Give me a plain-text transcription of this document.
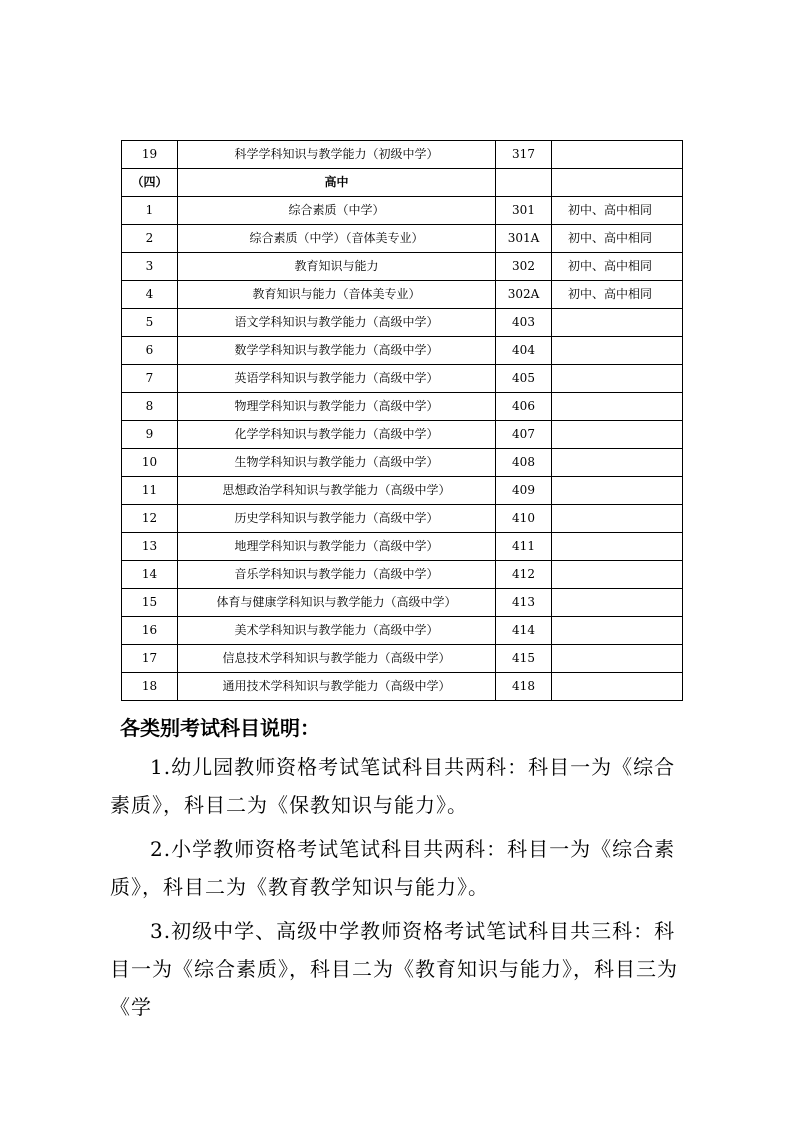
19	科学学科知识与教学能力（初级中学）	317	
（四）	高中		
1	综合素质（中学）	301	初中、高中相同
2	综合素质（中学）（音体美专业）	301A	初中、高中相同
3	教育知识与能力	302	初中、高中相同
4	教育知识与能力（音体美专业）	302A	初中、高中相同
5	语文学科知识与教学能力（高级中学）	403	
6	数学学科知识与教学能力（高级中学）	404	
7	英语学科知识与教学能力（高级中学）	405	
8	物理学科知识与教学能力（高级中学）	406	
9	化学学科知识与教学能力（高级中学）	407	
10	生物学科知识与教学能力（高级中学）	408	
11	思想政治学科知识与教学能力（高级中学）	409	
12	历史学科知识与教学能力（高级中学）	410	
13	地理学科知识与教学能力（高级中学）	411	
14	音乐学科知识与教学能力（高级中学）	412	
15	体育与健康学科知识与教学能力（高级中学）	413	
16	美术学科知识与教学能力（高级中学）	414	
17	信息技术学科知识与教学能力（高级中学）	415	
18	通用技术学科知识与教学能力（高级中学）	418	
各类别考试科目说明：

1.幼儿园教师资格考试笔试科目共两科：科目一为《综合素质》，科目二为《保教知识与能力》。

2.小学教师资格考试笔试科目共两科：科目一为《综合素质》，科目二为《教育教学知识与能力》。

3.初级中学、高级中学教师资格考试笔试科目共三科：科目一为《综合素质》，科目二为《教育知识与能力》，科目三为《学
